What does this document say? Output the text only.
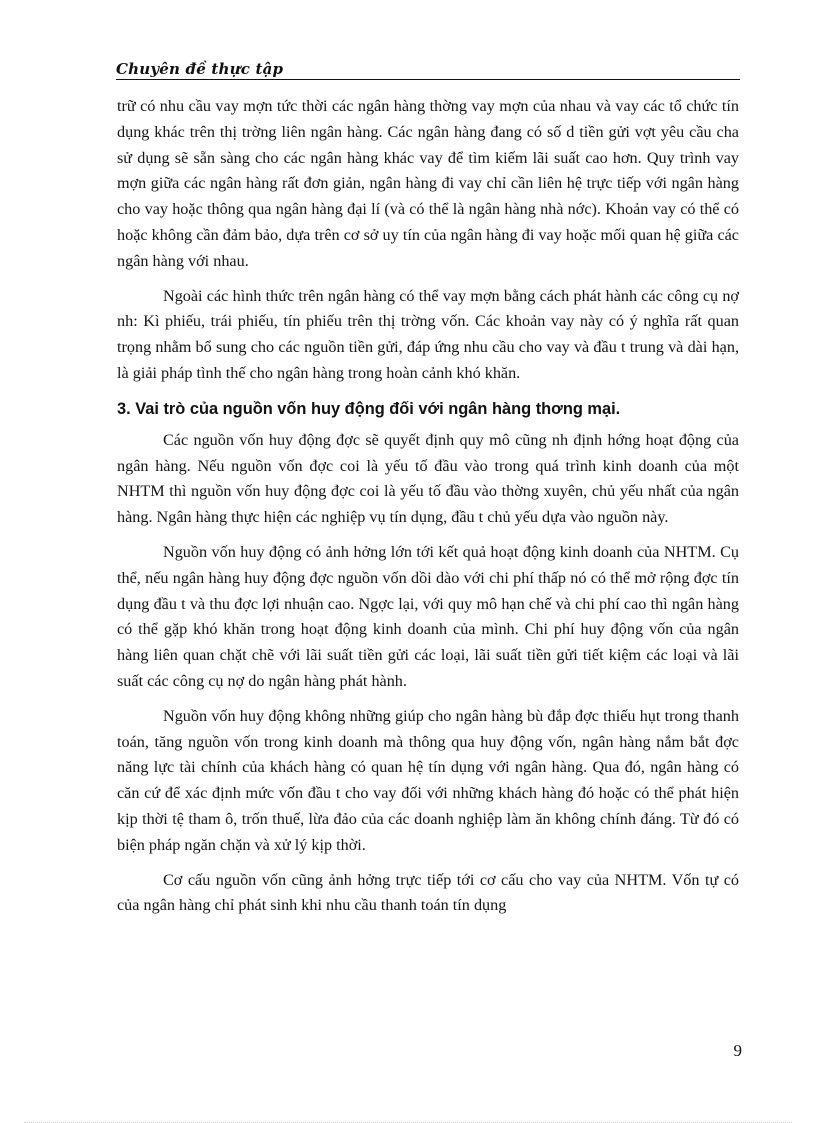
Chuyên đề thực tập

trữ có nhu cầu vay mợn tức thời các ngân hàng thờng vay mợn của nhau và vay các tổ chức tín dụng khác trên thị trờng liên ngân hàng. Các ngân hàng đang có số d tiền gửi vợt yêu cầu cha sử dụng sẽ sẵn sàng cho các ngân hàng khác vay để tìm kiếm lãi suất cao hơn. Quy trình vay mợn giữa các ngân hàng rất đơn giản, ngân hàng đi vay chỉ cần liên hệ trực tiếp với ngân hàng cho vay hoặc thông qua ngân hàng đại lí (và có thể là ngân hàng nhà nớc). Khoản vay có thể có hoặc không cần đảm bảo, dựa trên cơ sở uy tín của ngân hàng đi vay hoặc mối quan hệ giữa các ngân hàng với nhau.

Ngoài các hình thức trên ngân hàng có thể vay mợn bằng cách phát hành các công cụ nợ nh: Kì phiếu, trái phiếu, tín phiếu trên thị trờng vốn. Các khoản vay này có ý nghĩa rất quan trọng nhằm bổ sung cho các nguồn tiền gửi, đáp ứng nhu cầu cho vay và đầu t trung và dài hạn, là giải pháp tình thế cho ngân hàng trong hoàn cảnh khó khăn.

3. Vai trò của nguồn vốn huy động đối với ngân hàng thơng mại.

Các nguồn vốn huy động đợc sẽ quyết định quy mô cũng nh định hớng hoạt động của ngân hàng. Nếu nguồn vốn đợc coi là yếu tố đầu vào trong quá trình kinh doanh của một NHTM thì nguồn vốn huy động đợc coi là yếu tố đầu vào thờng xuyên, chủ yếu nhất của ngân hàng. Ngân hàng thực hiện các nghiệp vụ tín dụng, đầu t chủ yếu dựa vào nguồn này.

Nguồn vốn huy động có ảnh hởng lớn tới kết quả hoạt động kinh doanh của NHTM. Cụ thể, nếu ngân hàng huy động đợc nguồn vốn dồi dào với chi phí thấp nó có thể mở rộng đợc tín dụng đầu t và thu đợc lợi nhuận cao. Ngợc lại, với quy mô hạn chế và chi phí cao thì ngân hàng có thể gặp khó khăn trong hoạt động kinh doanh của mình. Chi phí huy động vốn của ngân hàng liên quan chặt chẽ với lãi suất tiền gửi các loại, lãi suất tiền gửi tiết kiệm các loại và lãi suất các công cụ nợ do ngân hàng phát hành.

Nguồn vốn huy động không những giúp cho ngân hàng bù đắp đợc thiếu hụt trong thanh toán, tăng nguồn vốn trong kinh doanh mà thông qua huy động vốn, ngân hàng nắm bắt đợc năng lực tài chính của khách hàng có quan hệ tín dụng với ngân hàng. Qua đó, ngân hàng có căn cứ để xác định mức vốn đầu t cho vay đối với những khách hàng đó hoặc có thể phát hiện kịp thời tệ tham ô, trốn thuế, lừa đảo của các doanh nghiệp làm ăn không chính đáng. Từ đó có biện pháp ngăn chặn và xử lý kịp thời.

Cơ cấu nguồn vốn cũng ảnh hởng trực tiếp tới cơ cấu cho vay của NHTM. Vốn tự có của ngân hàng chỉ phát sinh khi nhu cầu thanh toán tín dụng

9
